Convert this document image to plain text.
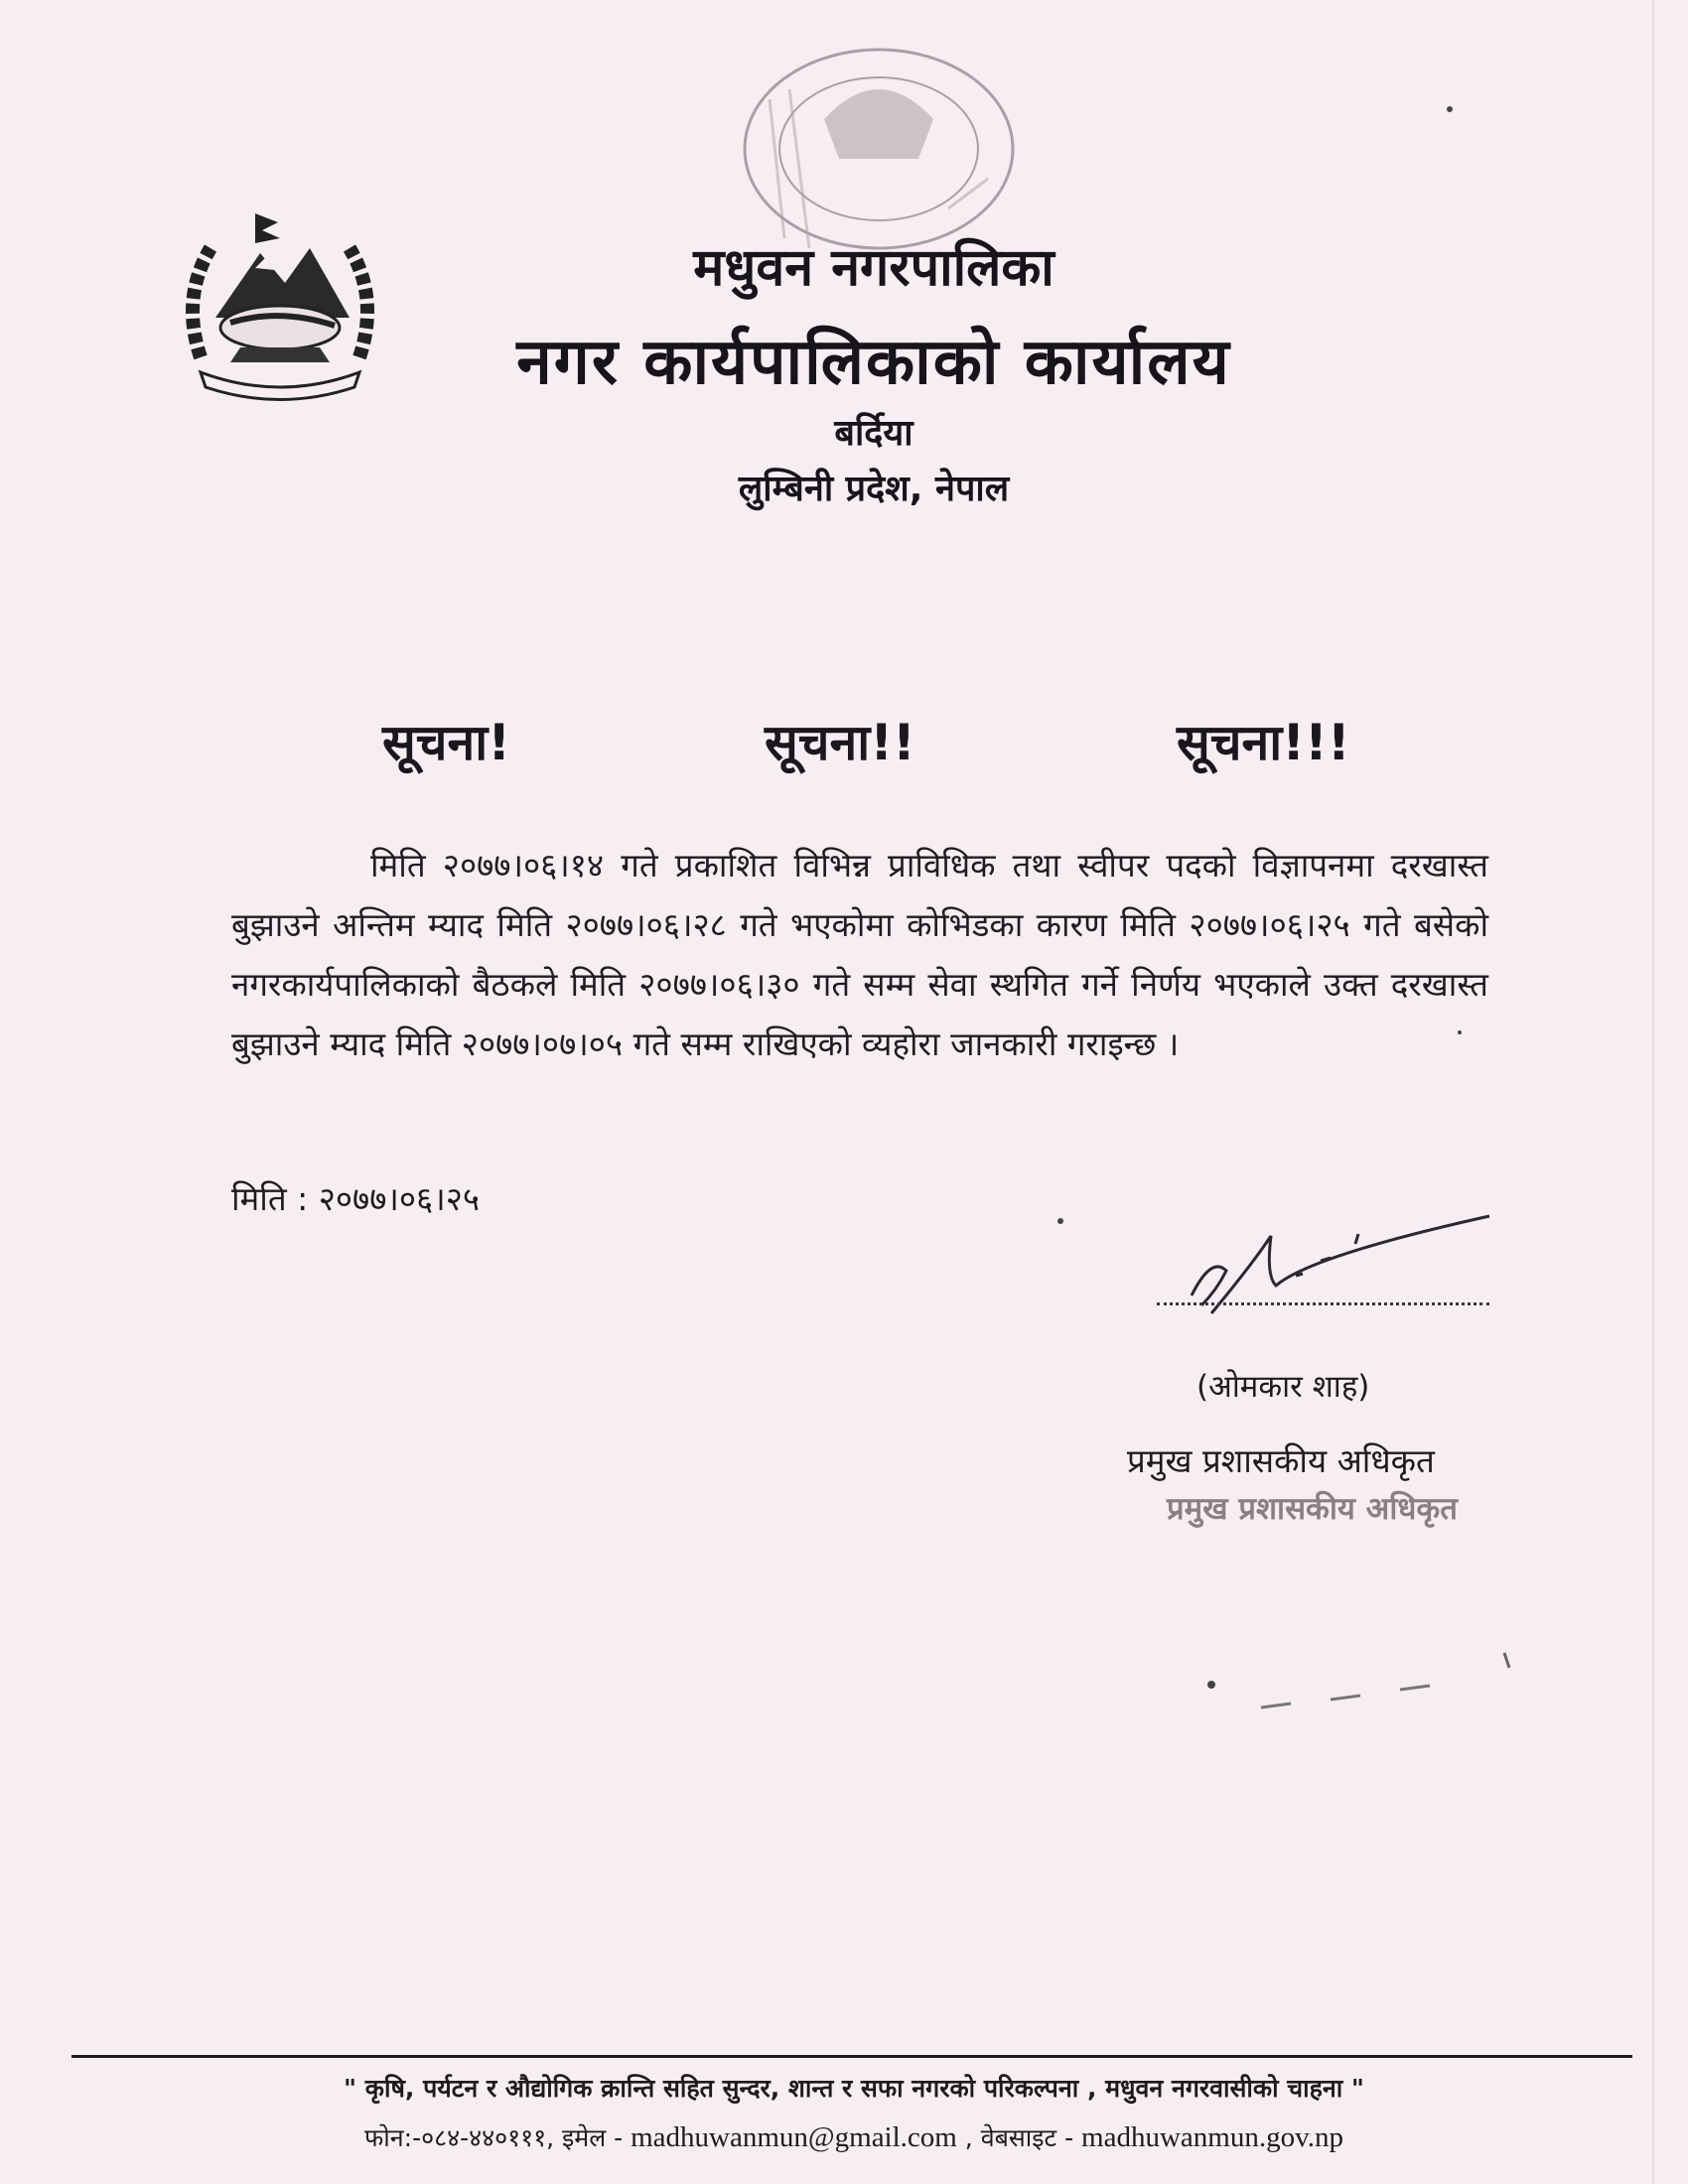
मधुवन नगरपालिका
नगर कार्यपालिकाको कार्यालय
बर्दिया
लुम्बिनी प्रदेश, नेपाल
सूचना!	सूचना!!	सूचना!!!
मिति २०७७।०६।१४ गते प्रकाशित विभिन्न प्राविधिक तथा स्वीपर पदको विज्ञापनमा दरखास्त बुझाउने अन्तिम म्याद मिति २०७७।०६।२८ गते भएकोमा कोभिडका कारण मिति २०७७।०६।२५ गते बसेको नगरकार्यपालिकाको बैठकले मिति २०७७।०६।३० गते सम्म सेवा स्थगित गर्ने निर्णय भएकाले उक्त दरखास्त बुझाउने म्याद मिति २०७७।०७।०५ गते सम्म राखिएको व्यहोरा जानकारी गराइन्छ ।
मिति : २०७७।०६।२५
(ओमकार शाह)
प्रमुख प्रशासकीय अधिकृत
प्रमुख प्रशासकीय अधिकृत
" कृषि, पर्यटन र औद्योगिक क्रान्ति सहित सुन्दर, शान्त र सफा नगरको परिकल्पना , मधुवन नगरवासीको चाहना "
फोन:-०८४-४४०१११, इमेल - madhuwanmun@gmail.com , वेबसाइट - madhuwanmun.gov.np
